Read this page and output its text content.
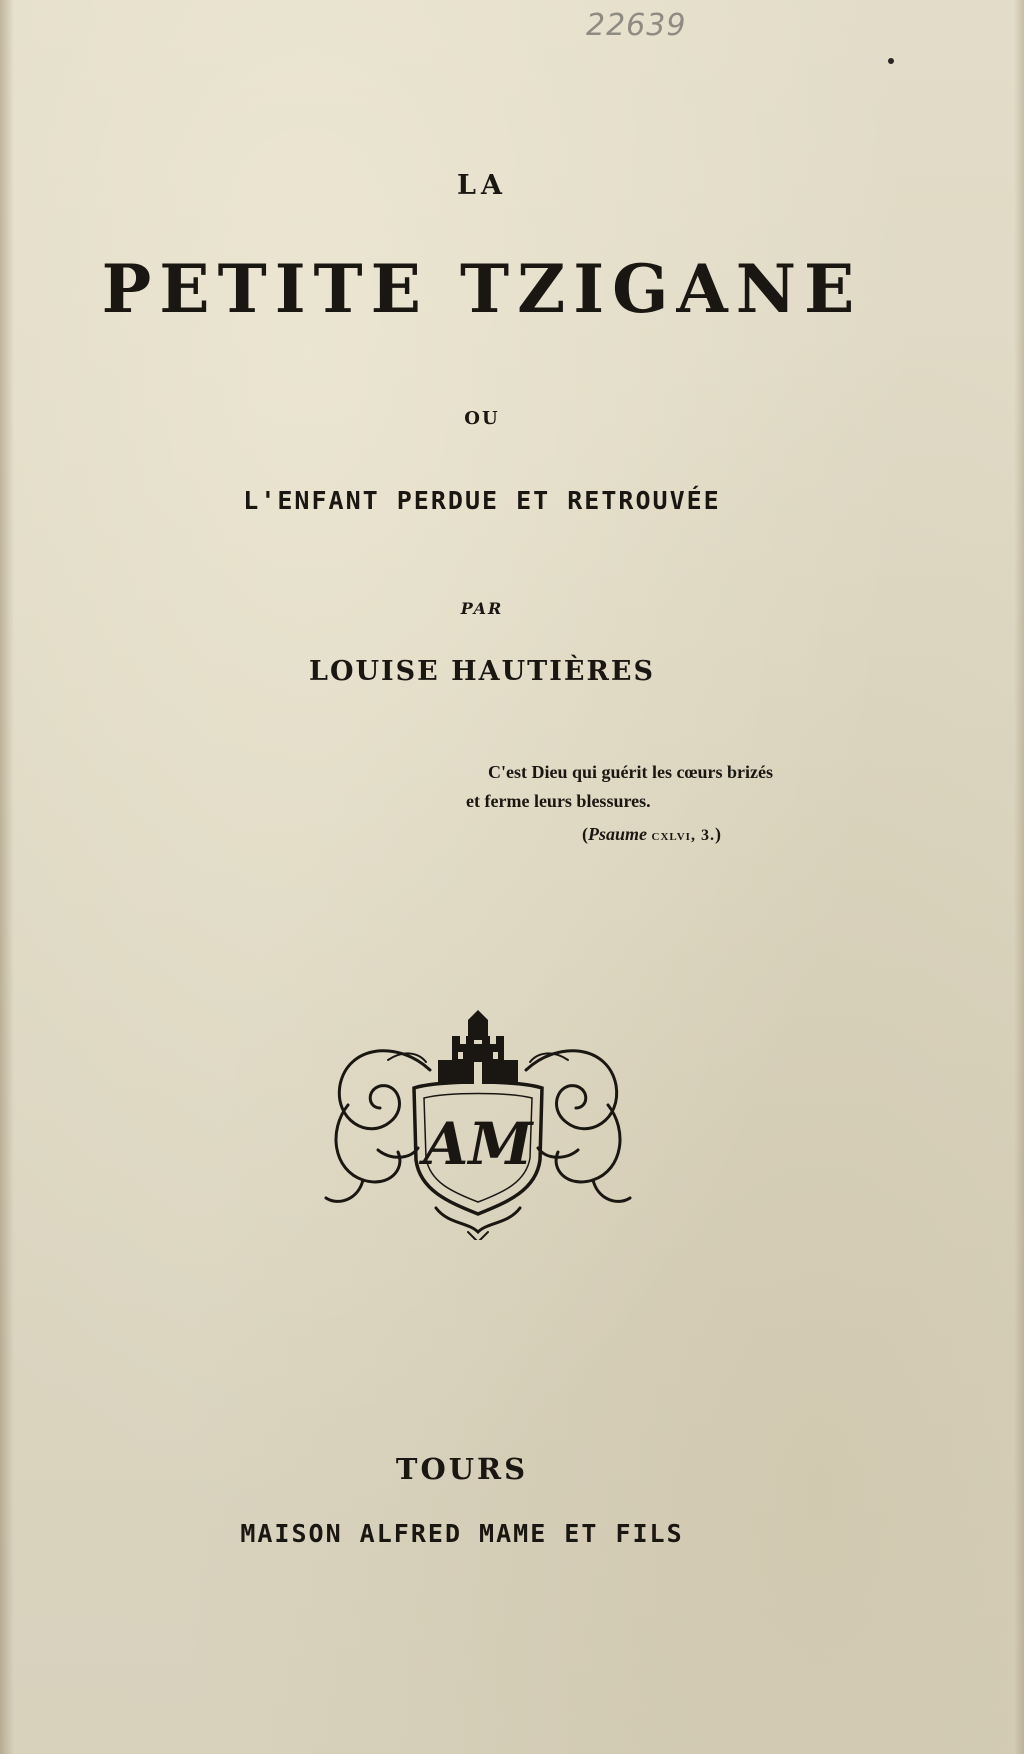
22639
LA
PETITE TZIGANE
OU
L'ENFANT PERDUE ET RETROUVÉE
PAR
LOUISE HAUTIÈRES
C'est Dieu qui guérit les cœurs brizés
et ferme leurs blessures.
(Psaume cxlvi, 3.)
AM
TOURS
MAISON ALFRED MAME ET FILS
